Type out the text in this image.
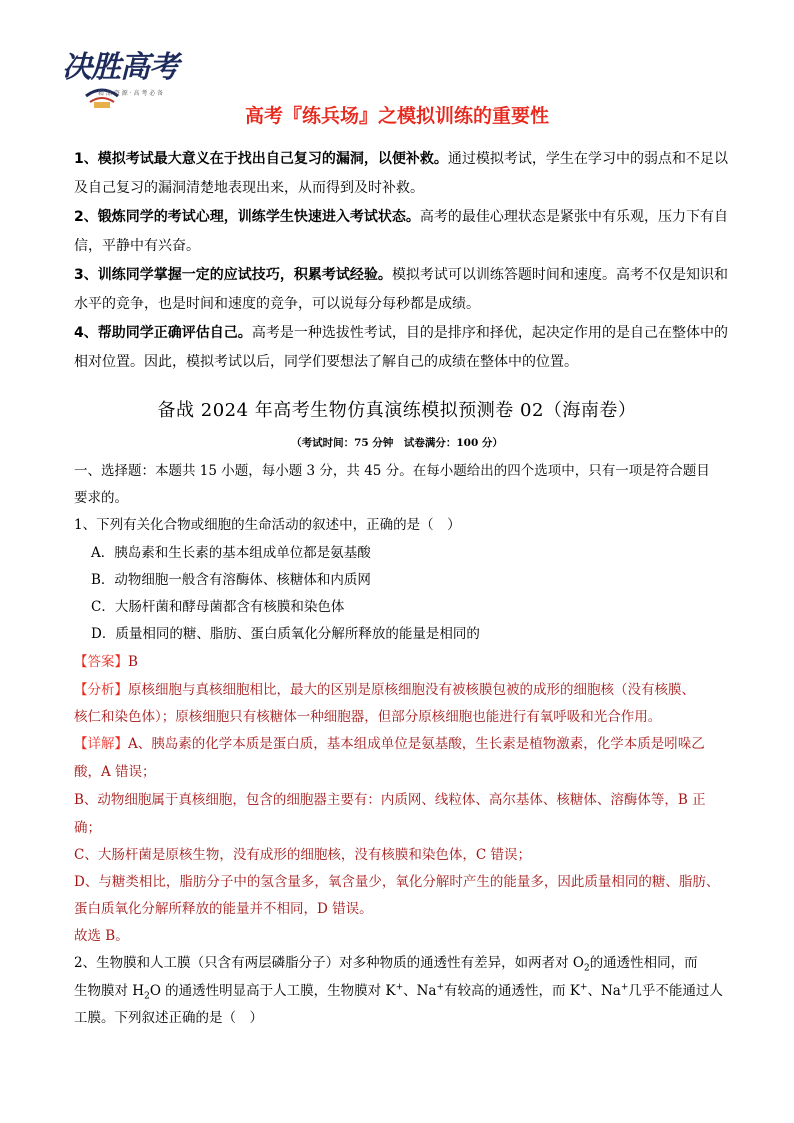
决胜高考
精 品 资 源 · 高 考 必 备
高考『练兵场』之模拟训练的重要性
1、模拟考试最大意义在于找出自己复习的漏洞，以便补救。通过模拟考试，学生在学习中的弱点和不足以及自己复习的漏洞清楚地表现出来，从而得到及时补救。
2、锻炼同学的考试心理，训练学生快速进入考试状态。高考的最佳心理状态是紧张中有乐观，压力下有自信，平静中有兴奋。
3、训练同学掌握一定的应试技巧，积累考试经验。模拟考试可以训练答题时间和速度。高考不仅是知识和水平的竞争，也是时间和速度的竞争，可以说每分每秒都是成绩。
4、帮助同学正确评估自己。高考是一种选拔性考试，目的是排序和择优，起决定作用的是自己在整体中的相对位置。因此，模拟考试以后，同学们要想法了解自己的成绩在整体中的位置。
备战 2024 年高考生物仿真演练模拟预测卷 02（海南卷）
（考试时间：75 分钟　试卷满分：100 分）
一、选择题：本题共 15 小题，每小题 3 分，共 45 分。在每小题给出的四个选项中，只有一项是符合题目
要求的。
1、下列有关化合物或细胞的生命活动的叙述中，正确的是（　）
A．胰岛素和生长素的基本组成单位都是氨基酸
B．动物细胞一般含有溶酶体、核糖体和内质网
C．大肠杆菌和酵母菌都含有核膜和染色体
D．质量相同的糖、脂肪、蛋白质氧化分解所释放的能量是相同的
【答案】B
【分析】原核细胞与真核细胞相比，最大的区别是原核细胞没有被核膜包被的成形的细胞核（没有核膜、
核仁和染色体）；原核细胞只有核糖体一种细胞器，但部分原核细胞也能进行有氧呼吸和光合作用。
【详解】A、胰岛素的化学本质是蛋白质，基本组成单位是氨基酸，生长素是植物激素，化学本质是吲哚乙
酸，A 错误；
B、动物细胞属于真核细胞，包含的细胞器主要有：内质网、线粒体、高尔基体、核糖体、溶酶体等，B 正
确；
C、大肠杆菌是原核生物，没有成形的细胞核，没有核膜和染色体，C 错误；
D、与糖类相比，脂肪分子中的氢含量多，氧含量少，氧化分解时产生的能量多，因此质量相同的糖、脂肪、
蛋白质氧化分解所释放的能量并不相同，D 错误。
故选 B。
2、生物膜和人工膜（只含有两层磷脂分子）对多种物质的通透性有差异，如两者对 $O_2$的通透性相同，而
生物膜对 $H_2O$ 的通透性明显高于人工膜，生物膜对 K+、Na+有较高的通透性，而 K+、Na+几乎不能通过人
工膜。下列叙述正确的是（　）
